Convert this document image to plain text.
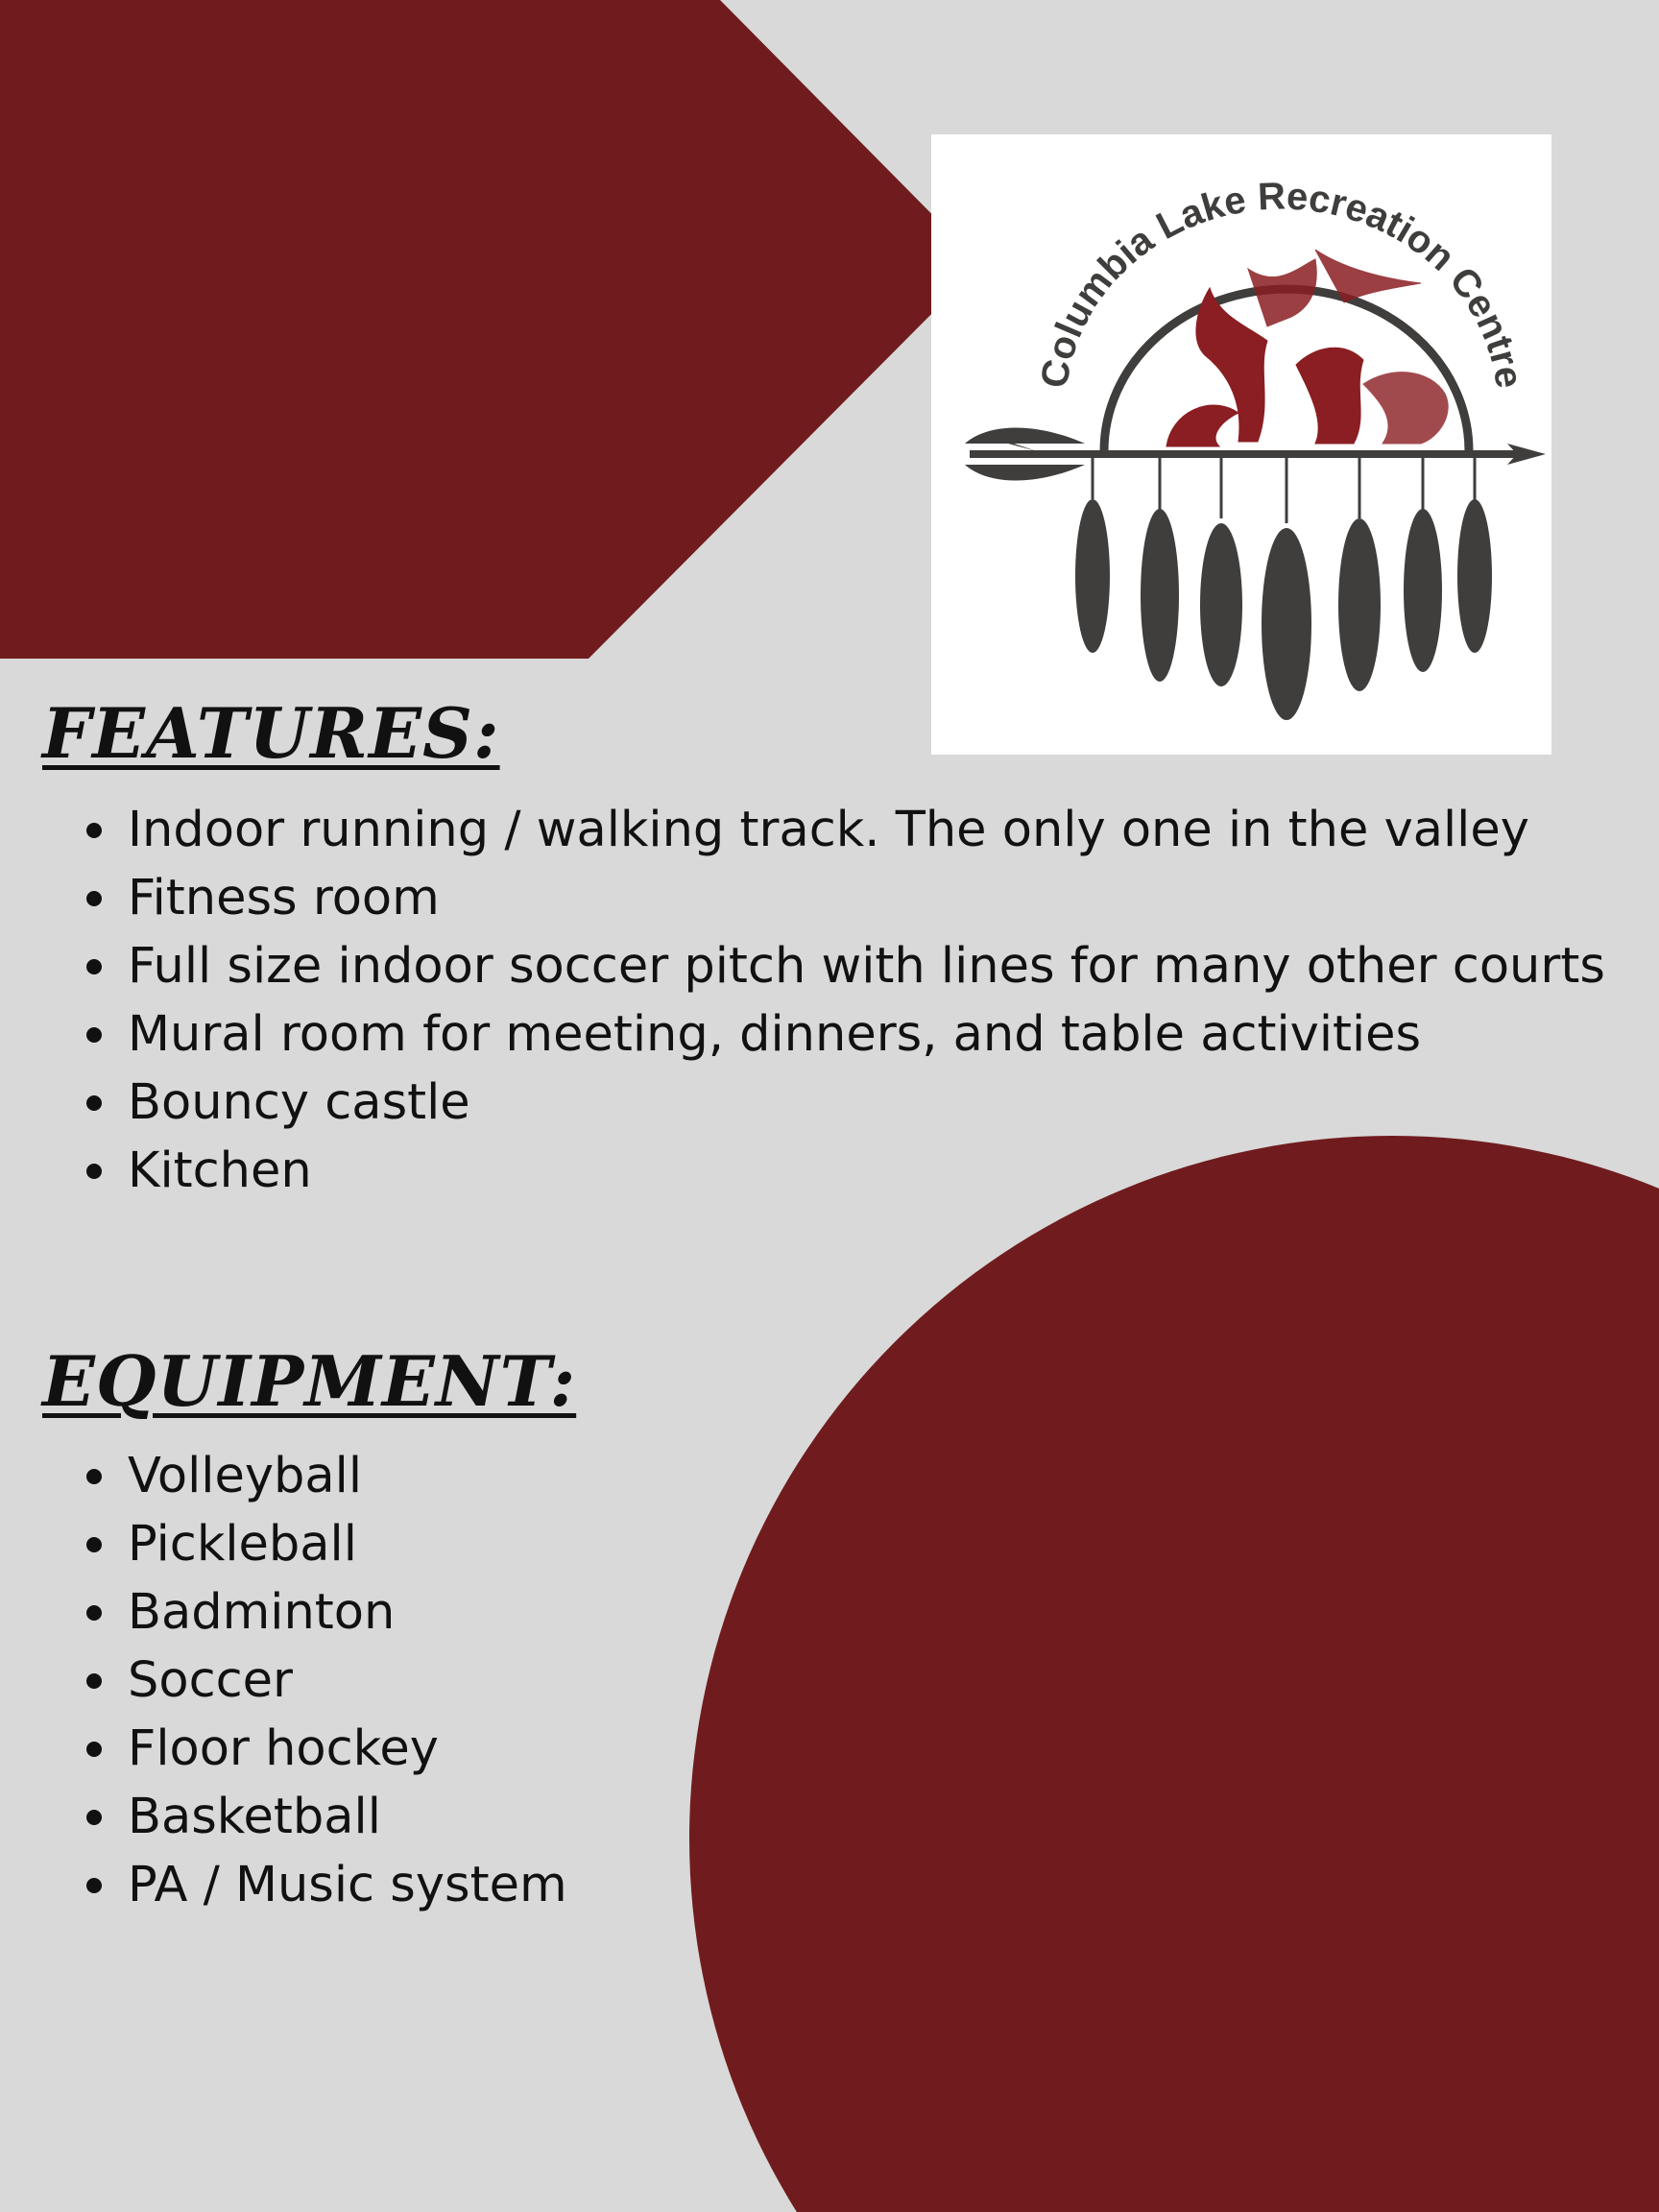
Columbia Lake Recreation Centre
FEATURES:
Indoor running / walking track. The only one in the valley
Fitness room
Full size indoor soccer pitch with lines for many other courts
Mural room for meeting, dinners, and table activities
Bouncy castle
Kitchen
EQUIPMENT:
Volleyball
Pickleball
Badminton
Soccer
Floor hockey
Basketball
PA / Music system
